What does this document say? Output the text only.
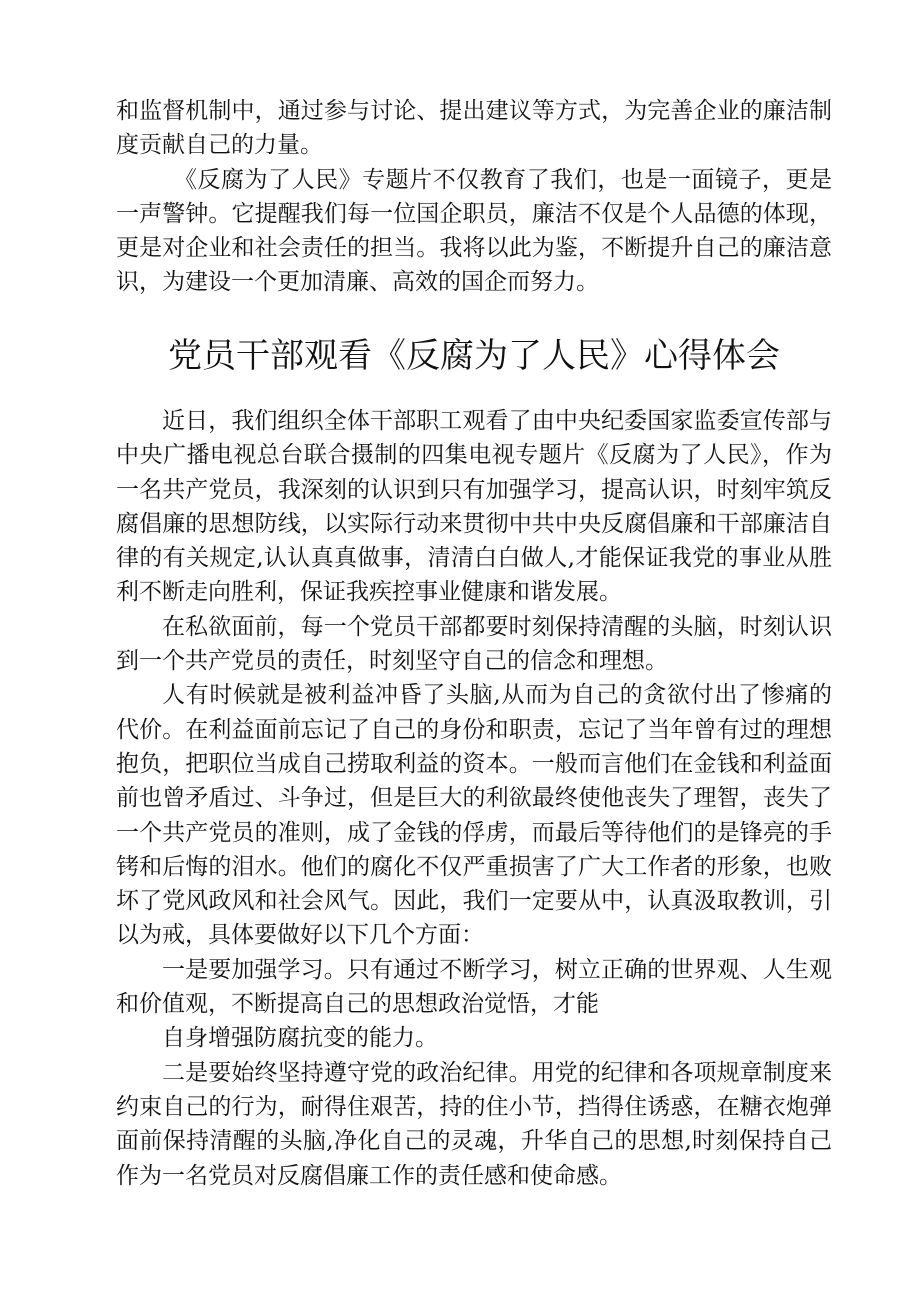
和监督机制中，通过参与讨论、提出建议等方式，为完善企业的廉洁制度贡献自己的力量。

《反腐为了人民》专题片不仅教育了我们，也是一面镜子，更是一声警钟。它提醒我们每一位国企职员，廉洁不仅是个人品德的体现，更是对企业和社会责任的担当。我将以此为鉴，不断提升自己的廉洁意识，为建设一个更加清廉、高效的国企而努力。

党员干部观看《反腐为了人民》心得体会

近日，我们组织全体干部职工观看了由中央纪委国家监委宣传部与中央广播电视总台联合摄制的四集电视专题片《反腐为了人民》，作为一名共产党员，我深刻的认识到只有加强学习，提高认识，时刻牢筑反腐倡廉的思想防线，以实际行动来贯彻中共中央反腐倡廉和干部廉洁自律的有关规定,认认真真做事，清清白白做人,才能保证我党的事业从胜利不断走向胜利，保证我疾控事业健康和谐发展。

在私欲面前，每一个党员干部都要时刻保持清醒的头脑，时刻认识到一个共产党员的责任，时刻坚守自己的信念和理想。

人有时候就是被利益冲昏了头脑,从而为自己的贪欲付出了惨痛的代价。在利益面前忘记了自己的身份和职责，忘记了当年曾有过的理想抱负，把职位当成自己捞取利益的资本。一般而言他们在金钱和利益面前也曾矛盾过、斗争过，但是巨大的利欲最终使他丧失了理智，丧失了一个共产党员的准则，成了金钱的俘虏，而最后等待他们的是锋亮的手铐和后悔的泪水。他们的腐化不仅严重损害了广大工作者的形象，也败坏了党风政风和社会风气。因此，我们一定要从中，认真汲取教训，引以为戒，具体要做好以下几个方面：

一是要加强学习。只有通过不断学习，树立正确的世界观、人生观和价值观，不断提高自己的思想政治觉悟，才能

自身增强防腐抗变的能力。

二是要始终坚持遵守党的政治纪律。用党的纪律和各项规章制度来约束自己的行为，耐得住艰苦，持的住小节，挡得住诱惑，在糖衣炮弹面前保持清醒的头脑,净化自己的灵魂，升华自己的思想,时刻保持自己作为一名党员对反腐倡廉工作的责任感和使命感。
